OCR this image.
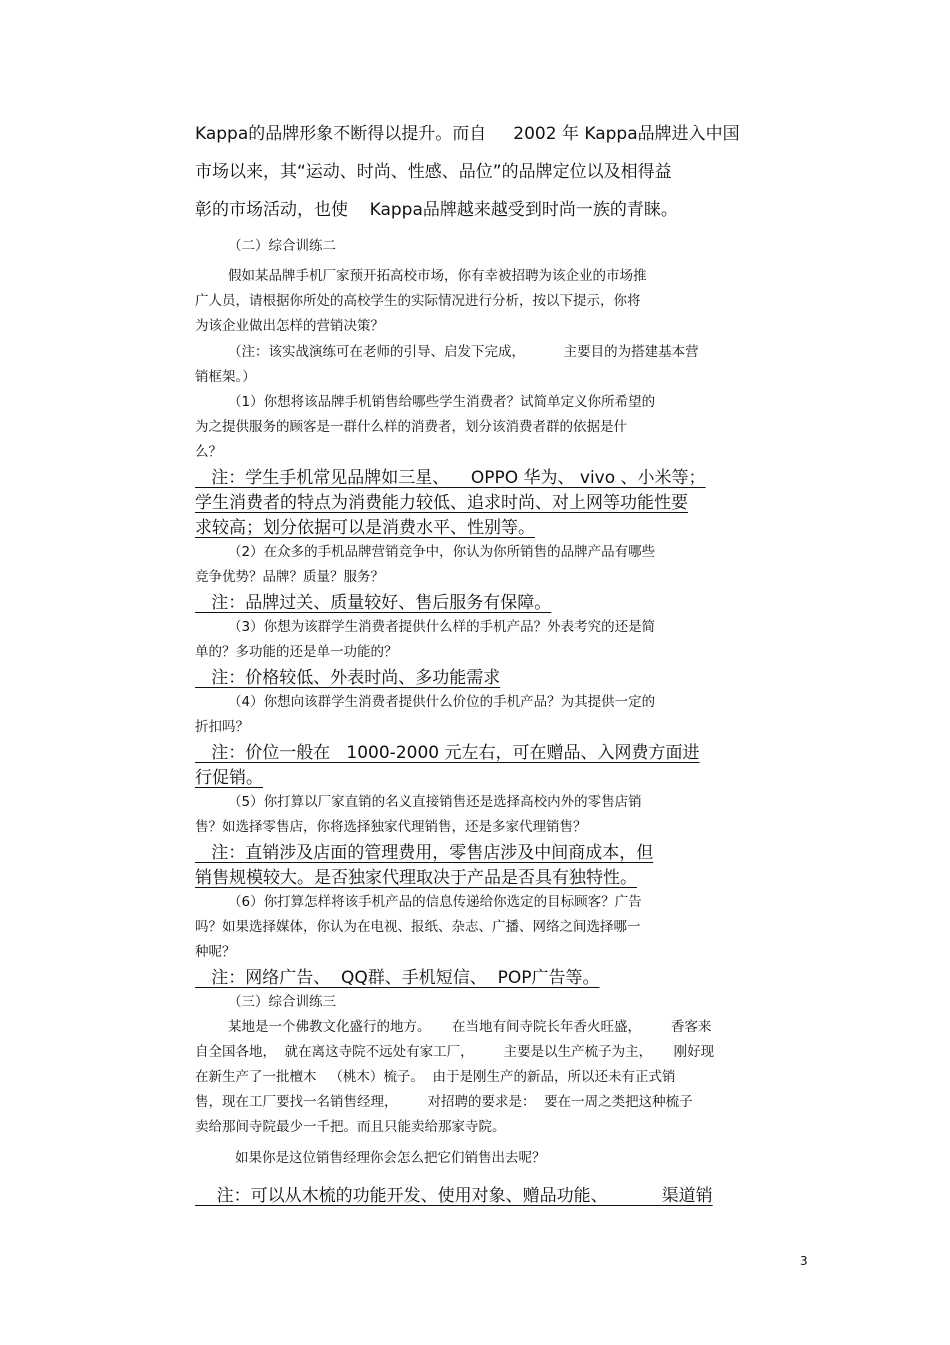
Kappa的品牌形象不断得以提升。而自     2002 年 Kappa品牌进入中国
市场以来，其“运动、时尚、性感、品位”的品牌定位以及相得益
彰的市场活动，也使    Kappa品牌越来越受到时尚一族的青睐。
（二）综合训练二
假如某品牌手机厂家预开拓高校市场，你有幸被招聘为该企业的市场推
广人员，请根据你所处的高校学生的实际情况进行分析，按以下提示，你将
为该企业做出怎样的营销决策？
（注：该实战演练可在老师的引导、启发下完成，         主要目的为搭建基本营
销框架。）
（1）你想将该品牌手机销售给哪些学生消费者？试简单定义你所希望的
为之提供服务的顾客是一群什么样的消费者，划分该消费者群的依据是什
么？
注：学生手机常见品牌如三星、    OPPO 华为、 vivo 、小米等；
学生消费者的特点为消费能力较低、追求时尚、对上网等功能性要
求较高；划分依据可以是消费水平、性别等。
（2）在众多的手机品牌营销竞争中，你认为你所销售的品牌产品有哪些
竞争优势？品牌？质量？服务？
注：品牌过关、质量较好、售后服务有保障。
（3）你想为该群学生消费者提供什么样的手机产品？外表考究的还是简
单的？多功能的还是单一功能的？
注：价格较低、外表时尚、多功能需求
（4）你想向该群学生消费者提供什么价位的手机产品？为其提供一定的
折扣吗？
注：价位一般在   1000-2000 元左右，可在赠品、入网费方面进
行促销。
（5）你打算以厂家直销的名义直接销售还是选择高校内外的零售店销
售？如选择零售店，你将选择独家代理销售，还是多家代理销售？
注：直销涉及店面的管理费用，零售店涉及中间商成本，但
销售规模较大。是否独家代理取决于产品是否具有独特性。
（6）你打算怎样将该手机产品的信息传递给你选定的目标顾客？广告
吗？如果选择媒体，你认为在电视、报纸、杂志、广播、网络之间选择哪一
种呢？
注：网络广告、  QQ群、手机短信、  POP广告等。
（三）综合训练三
某地是一个佛教文化盛行的地方。     在当地有间寺院长年香火旺盛，       香客来
自全国各地，  就在离这寺院不远处有家工厂，       主要是以生产梳子为主，     刚好现
在新生产了一批檀木   （桃木）梳子。  由于是刚生产的新品，所以还未有正式销
售，现在工厂要找一名销售经理，       对招聘的要求是：  要在一周之类把这种梳子
卖给那间寺院最少一千把。而且只能卖给那家寺院。
如果你是这位销售经理你会怎么把它们销售出去呢？
注：可以从木梳的功能开发、使用对象、赠品功能、          渠道销
3
